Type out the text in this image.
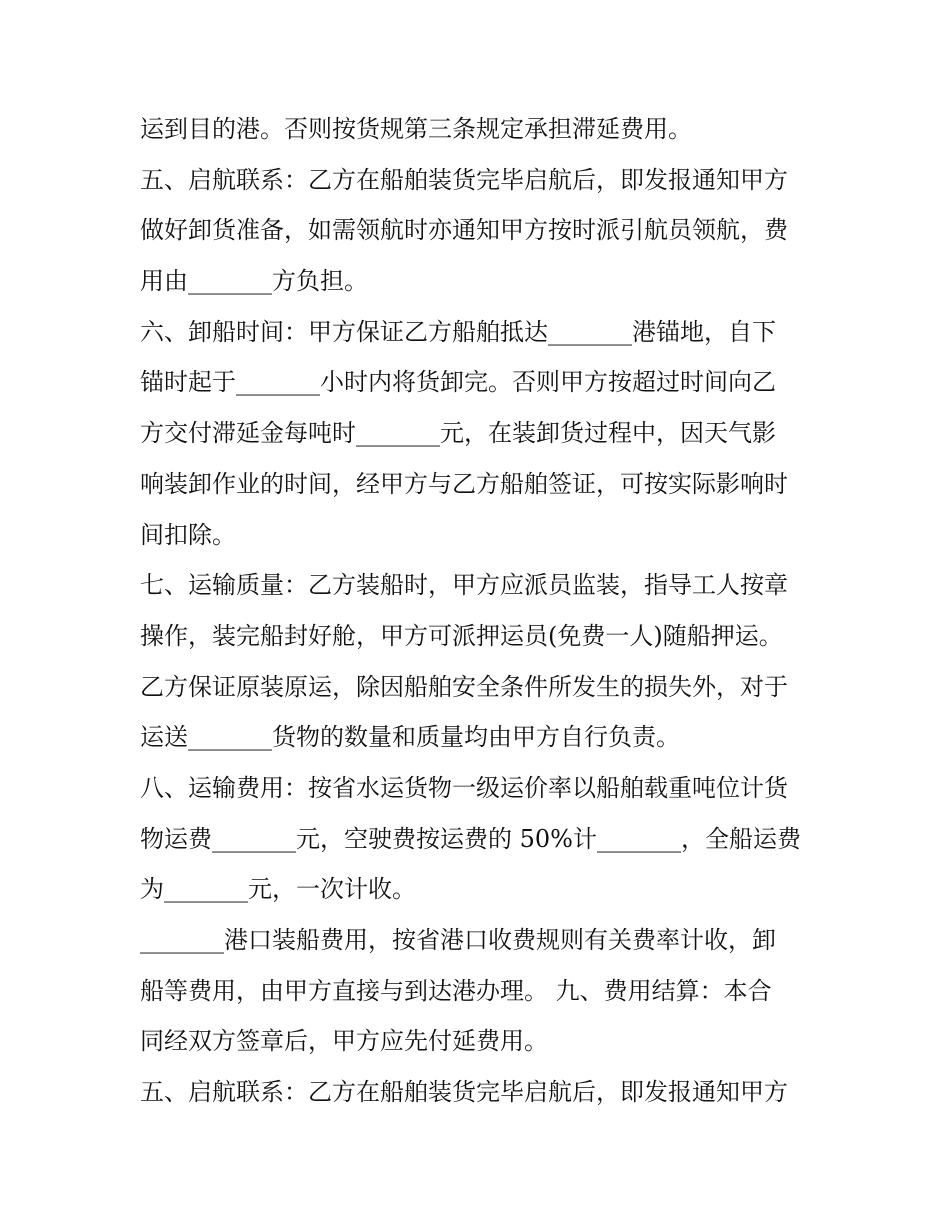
运到目的港。否则按货规第三条规定承担滞延费用。
五、启航联系：乙方在船舶装货完毕启航后，即发报通知甲方
做好卸货准备，如需领航时亦通知甲方按时派引航员领航，费
用由_______方负担。
六、卸船时间：甲方保证乙方船舶抵达_______港锚地，自下
锚时起于_______小时内将货卸完。否则甲方按超过时间向乙
方交付滞延金每吨时_______元，在装卸货过程中，因天气影
响装卸作业的时间，经甲方与乙方船舶签证，可按实际影响时
间扣除。
七、运输质量：乙方装船时，甲方应派员监装，指导工人按章
操作，装完船封好舱，甲方可派押运员(免费一人)随船押运。
乙方保证原装原运，除因船舶安全条件所发生的损失外，对于
运送_______货物的数量和质量均由甲方自行负责。
八、运输费用：按省水运货物一级运价率以船舶载重吨位计货
物运费_______元，空驶费按运费的 50%计_______，全船运费
为_______元，一次计收。
_______港口装船费用，按省港口收费规则有关费率计收，卸
船等费用，由甲方直接与到达港办理。 九、费用结算：本合
同经双方签章后，甲方应先付延费用。
五、启航联系：乙方在船舶装货完毕启航后，即发报通知甲方
